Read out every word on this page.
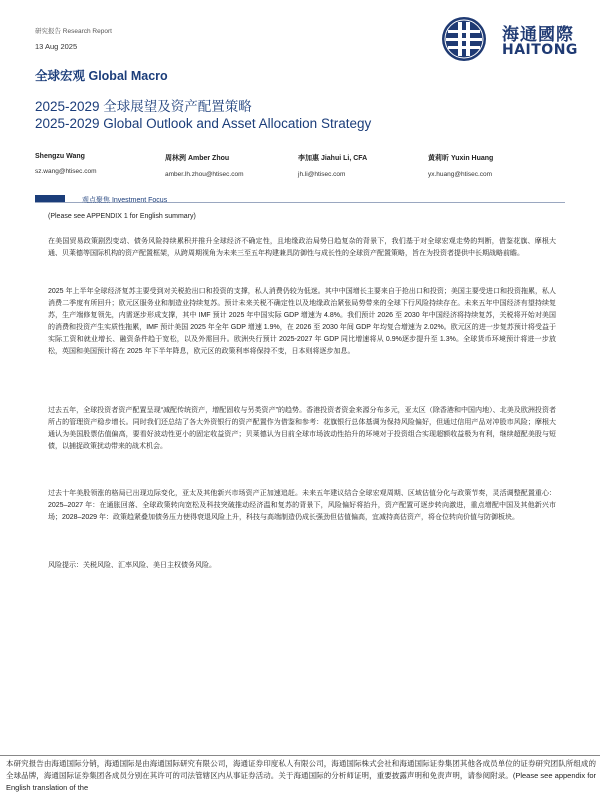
研究报告 Research Report
13 Aug 2025
海通國際
HAITONG
全球宏观 Global Macro
2025-2029 全球展望及资产配置策略
2025-2029 Global Outlook and Asset Allocation Strategy
Shengzu Wang
sz.wang@htisec.com
周林洌 Amber Zhou
amber.lh.zhou@htisec.com
李加惠 Jiahui Li, CFA
jh.li@htisec.com
黄莉昕 Yuxin Huang
yx.huang@htisec.com
观点聚焦 Investment Focus
(Please see APPENDIX 1 for English summary)

在美国贸易政策剧烈变动、债务风险持续累积并推升全球经济不确定性，且地缘政治局势日趋复杂的背景下，我们基于对全球宏观走势的判断，借鉴花旗、摩根大通、贝莱德等国际机构的资产配置框架，从跨周期视角为未来三至五年构建兼具防御性与成长性的全球资产配置策略，旨在为投资者提供中长期战略前瞻。

2025 年上半年全球经济复苏主要受到对关税抢出口和投资的支撑，私人消费仍较为低迷。其中中国增长主要来自于抢出口和投资；美国主要受进口和投资拖累，私人消费二季度有所回升；欧元区服务业和制造业持续复苏。预计未来关税不确定性以及地缘政治紧张局势带来的全球下行风险持续存在。未来五年中国经济有望持续复苏，生产端修复领先，内需逐步形成支撑，其中 IMF 预计 2025 年中国实际 GDP 增速为 4.8%。我们预计 2026 至 2030 年中国经济将持续复苏，关税将开始对美国的消费和投资产生实质性拖累，IMF 预计美国 2025 年全年 GDP 增速 1.9%，在 2026 至 2030 年间 GDP 年均复合增速为 2.02%。欧元区的进一步复苏预计将受益于实际工资和就业增长、融资条件趋于宽松，以及外需回升。欧洲央行预计 2025-2027 年 GDP 同比增速将从 0.9%逐步提升至 1.3%。全球货币环境预计将进一步放松，英国和美国预计将在 2025 年下半年降息，欧元区的政策利率将保持不变，日本则将逐步加息。

过去五年，全球投资者资产配置呈现“减配传统资产，增配固收与另类资产”的趋势。香港投资者资金来源分布多元，亚太区（除香港和中国内地）、北美及欧洲投资者所占的管理资产稳步增长。同时我们还总结了各大外资银行的资产配置作为借鉴和参考：花旗银行总体基调为保持风险偏好，但通过信用产品对冲股市风险；摩根大通认为美国股票估值偏高，要看好波动性更小的固定收益资产；贝莱德认为目前全球市场波动性抬升的环境对于投资组合实现超额收益极为有利，继续超配美股与短债，以捕捉政策扰动带来的战术机会。

过去十年美股领涨的格局已出现边际变化，亚太及其他新兴市场资产正加速追赶。未来五年建议结合全球宏观周期、区域估值分化与政策节奏，灵活调整配置重心：2025–2027 年：在通胀回落、全球政策转向宽松及科技突破推动经济温和复苏的背景下，风险偏好将抬升，资产配置可逐步转向激进，重点增配中国及其他新兴市场；2028–2029 年：政策趋紧叠加债务压力使得衰退风险上升，科技与高端制造仍成长强劲但估值偏高，宜减持高估资产，将仓位转向价值与防御板块。

风险提示：关税风险、汇率风险、美日主权债务风险。

本研究报告由海通国际分销，海通国际是由海通国际研究有限公司，海通证券印度私人有限公司，海通国际株式会社和海通国际证券集团其他各成员单位的证券研究团队所组成的全球品牌，海通国际证券集团各成员分别在其许可的司法管辖区内从事证券活动。关于海通国际的分析师证明，重要披露声明和免责声明，请参阅附录。(Please see appendix for English translation of the
